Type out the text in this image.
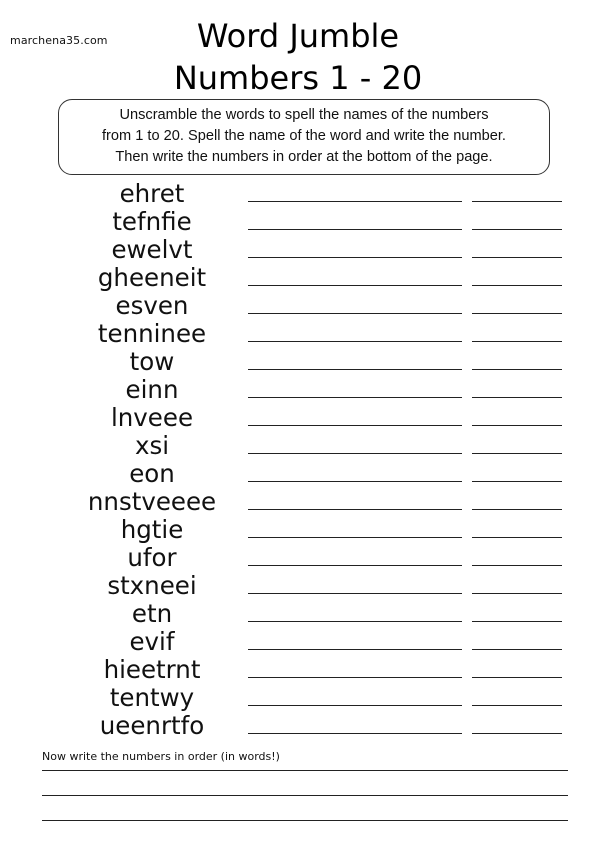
marchena35.com	Word Jumble
Numbers 1 - 20
Unscramble the words to spell the names of the numbers
from 1 to 20. Spell the name of the word and write the number.
Then write the numbers in order at the bottom of the page.
ehret
tefnfie
ewelvt
gheeneit
esven
tenninee
tow
einn
lnveee
xsi
eon
nnstveeee
hgtie
ufor
stxneei
etn
evif
hieetrnt
tentwy
ueenrtfo
Now write the numbers in order (in words!)
